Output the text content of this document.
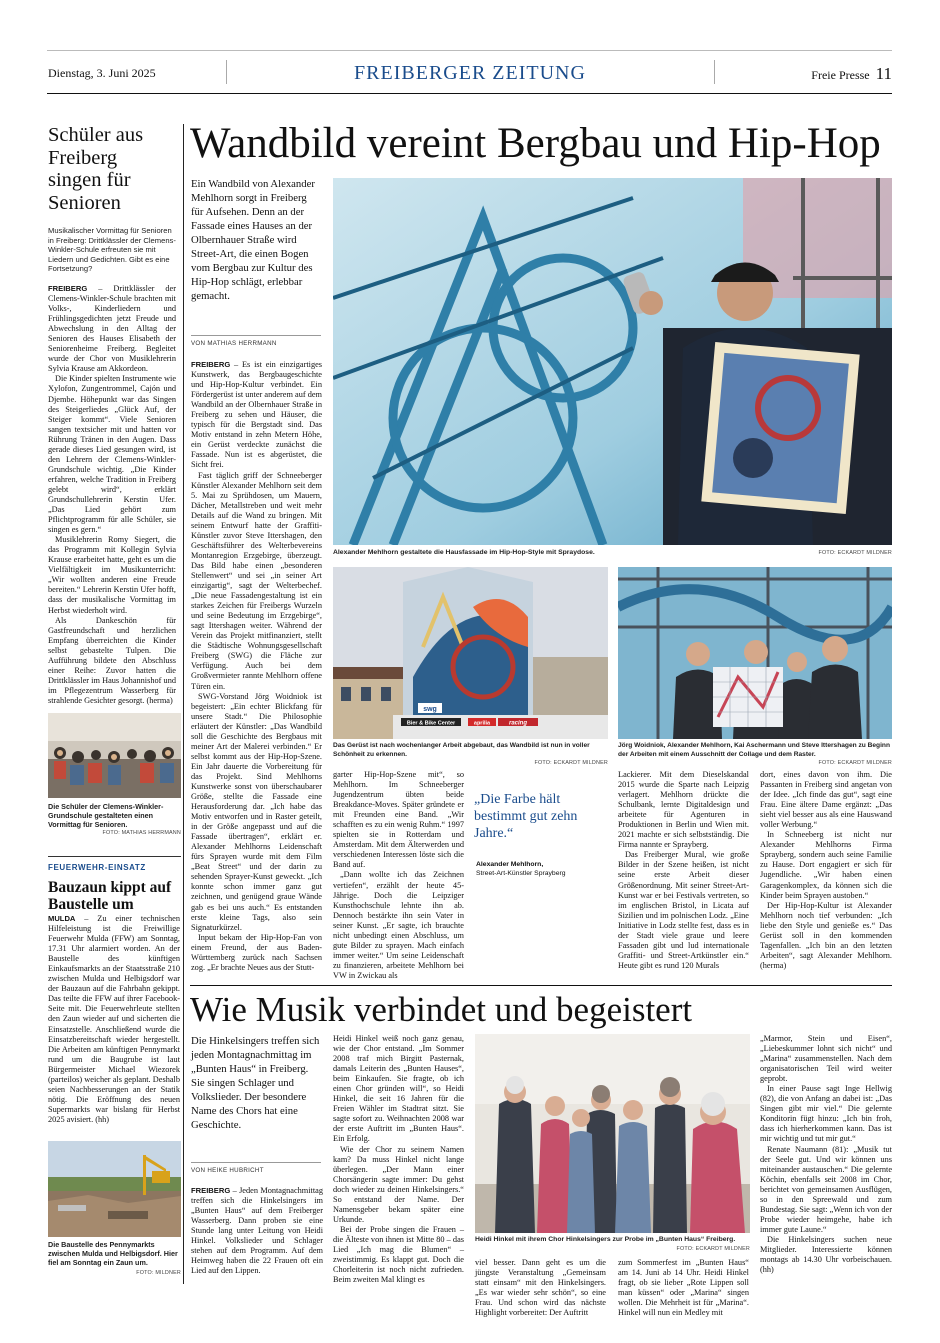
Dienstag, 3. Juni 2025	FREIBERGER ZEITUNG	Freie Presse 11
Schüler aus Freiberg singen für Senioren
Musikalischer Vormittag für Senioren in Freiberg: Drittklässler der Clemens-Winkler-Schule erfreuten sie mit Liedern und Gedichten. Gibt es eine Fortsetzung?

FREIBERG – Drittklässler der Clemens-Winkler-Schule brachten mit Volks-, Kinderliedern und Frühlingsgedichten jetzt Freude und Abwechslung in den Alltag der Senioren des Hauses Elisabeth der Seniorenheime Freiberg. Begleitet wurde der Chor von Musiklehrerin Sylvia Krause am Akkordeon.

Die Kinder spielten Instrumente wie Xylofon, Zungentrommel, Cajón und Djembe. Höhepunkt war das Singen des Steigerliedes „Glück Auf, der Steiger kommt“. Viele Senioren sangen textsicher mit und hatten vor Rührung Tränen in den Augen. Dass gerade dieses Lied gesungen wird, ist den Lehrern der Clemens-Winkler-Grundschule wichtig. „Die Kinder erfahren, welche Tradition in Freiberg gelebt wird“, erklärt Grundschullehrerin Kerstin Ufer. „Das Lied gehört zum Pflichtprogramm für alle Schüler, sie singen es gern.“

Musiklehrerin Romy Siegert, die das Programm mit Kollegin Sylvia Krause erarbeitet hatte, geht es um die Vielfältigkeit im Musikunterricht: „Wir wollten anderen eine Freude bereiten.“ Lehrerin Kerstin Ufer hofft, dass der musikalische Vormittag im Herbst wiederholt wird.

Als Dankeschön für Gastfreundschaft und herzlichen Empfang überreichten die Kinder selbst gebastelte Tulpen. Die Aufführung bildete den Abschluss einer Reihe: Zuvor hatten die Drittklässler im Haus Johannishof und im Pflegezentrum Wasserberg für strahlende Gesichter gesorgt. (herma)

Die Schüler der Clemens-Winkler-Grundschule gestalteten einen Vormittag für Senioren.
FOTO: MATHIAS HERRMANN
FEUERWEHR-EINSATZ
Bauzaun kippt auf Baustelle um

MULDA – Zu einer technischen Hilfeleistung ist die Freiwillige Feuerwehr Mulda (FFW) am Sonntag, 17.31 Uhr alarmiert worden. An der Baustelle des künftigen Einkaufsmarkts an der Staatsstraße 210 zwischen Mulda und Helbigsdorf war der Bauzaun auf die Fahrbahn gekippt. Das teilte die FFW auf ihrer Facebook-Seite mit. Die Feuerwehrleute stellten den Zaun wieder auf und sicherten die Einsatzstelle. Anschließend wurde die Einsatzbereitschaft wieder hergestellt. Die Arbeiten am künftigen Pennymarkt rund um die Baugrube ist laut Bürgermeister Michael Wiezorek (parteilos) weicher als geplant. Deshalb seien Nachbesserungen an der Statik nötig. Die Eröffnung des neuen Supermarkts war bislang für Herbst 2025 avisiert. (hh)

Die Baustelle des Pennymarkts zwischen Mulda und Helbigsdorf. Hier fiel am Sonntag ein Zaun um.
FOTO: MILDNER
Wandbild vereint Bergbau und Hip-Hop
Ein Wandbild von Alexander Mehlhorn sorgt in Freiberg für Aufsehen. Denn an der Fassade eines Hauses an der Olbernhauer Straße wird Street-Art, die einen Bogen vom Bergbau zur Kultur des Hip-Hop schlägt, erlebbar gemacht.
VON MATHIAS HERRMANN

FREIBERG – Es ist ein einzigartiges Kunstwerk, das Bergbaugeschichte und Hip-Hop-Kultur verbindet. Ein Fördergerüst ist unter anderem auf dem Wandbild an der Olbernhauer Straße in Freiberg zu sehen und Häuser, die typisch für die Bergstadt sind. Das Motiv entstand in zehn Metern Höhe, ein Gerüst verdeckte zunächst die Fassade. Nun ist es abgerüstet, die Sicht frei.

Fast täglich griff der Schneeberger Künstler Alexander Mehlhorn seit dem 5. Mai zu Sprühdosen, um Mauern, Dächer, Metallstreben und weit mehr Details auf die Wand zu bringen. Mit seinem Entwurf hatte der Graffiti-Künstler zuvor Steve Ittershagen, den Geschäftsführer des Welterbevereins Montanregion Erzgebirge, überzeugt. Das Bild habe einen „besonderen Stellenwert“ und sei „in seiner Art einzigartig“, sagt der Welterbechef. „Die neue Fassadengestaltung ist ein starkes Zeichen für Freibergs Wurzeln und seine Bedeutung im Erzgebirge“, sagt Ittershagen weiter. Während der Verein das Projekt mitfinanziert, stellt die Städtische Wohnungsgesellschaft Freiberg (SWG) die Fläche zur Verfügung. Auch bei dem Großvermieter rannte Mehlhorn offene Türen ein.

SWG-Vorstand Jörg Woidniok ist begeistert: „Ein echter Blickfang für unsere Stadt.“ Die Philosophie erläutert der Künstler: „Das Wandbild soll die Geschichte des Bergbaus mit meiner Art der Malerei verbinden.“ Er selbst kommt aus der Hip-Hop-Szene. Ein Jahr dauerte die Vorbereitung für das Projekt. Sind Mehlhorns Kunstwerke sonst von überschaubarer Größe, stellte die Fassade eine Herausforderung dar. „Ich habe das Motiv entworfen und in Raster geteilt, in der Größe angepasst und auf die Fassade übertragen“, erklärt er. Alexander Mehlhorns Leidenschaft fürs Sprayen wurde mit dem Film „Beat Street“ und der darin zu sehenden Sprayer-Kunst geweckt. „Ich konnte schon immer ganz gut zeichnen, und genügend graue Wände gab es bei uns auch.“ Es entstanden erste kleine Tags, also sein Signaturkürzel.

Input bekam der Hip-Hop-Fan von einem Freund, der aus Baden-Württemberg zurück nach Sachsen zog. „Er brachte Neues aus der Stutt-

Alexander Mehlhorn gestaltete die Hausfassade im Hip-Hop-Style mit Spraydose.	FOTO: ECKARDT MILDNER
Bier & Bike Center	aprilia	racing
swg
Das Gerüst ist nach wochenlanger Arbeit abgebaut, das Wandbild ist nun in voller Schönheit zu erkennen.
FOTO: ECKARDT MILDNER
Jörg Woidniok, Alexander Mehlhorn, Kai Aschermann und Steve Ittershagen zu Beginn der Arbeiten mit einem Ausschnitt der Collage und dem Raster.
FOTO: ECKARDT MILDNER

garter Hip-Hop-Szene mit“, so Mehlhorn. Im Schneeberger Jugendzentrum übten beide Breakdance-Moves. Später gründete er mit Freunden eine Band. „Wir schafften es zu ein wenig Ruhm.“ 1997 spielten sie in Rotterdam und Amsterdam. Mit dem Älterwerden und verschiedenen Interessen löste sich die Band auf.

„Dann wollte ich das Zeichnen vertiefen“, erzählt der heute 45-Jährige. Doch die Leipziger Kunsthochschule lehnte ihn ab. Dennoch bestärkte ihn sein Vater in seiner Kunst. „Er sagte, ich brauchte nicht unbedingt einen Abschluss, um gute Bilder zu sprayen. Mach einfach immer weiter.“ Um seine Leidenschaft zu finanzieren, arbeitete Mehlhorn bei VW in Zwickau als

„Die Farbe hält bestimmt gut zehn Jahre.“
Alexander Mehlhorn,
Street-Art-Künstler Sprayberg

Lackierer. Mit dem Dieselskandal 2015 wurde die Sparte nach Leipzig verlagert. Mehlhorn drückte die Schulbank, lernte Digitaldesign und arbeitete für Agenturen in Produktionen in Berlin und Wien mit. 2021 machte er sich selbstständig. Die Firma nannte er Sprayberg.

Das Freiberger Mural, wie große Bilder in der Szene heißen, ist nicht seine erste Arbeit dieser Größenordnung. Mit seiner Street-Art-Kunst war er bei Festivals vertreten, so im englischen Bristol, in Licata auf Sizilien und im polnischen Lodz. „Eine Initiative in Lodz stellte fest, dass es in der Stadt viele graue und leere Fassaden gibt und lud internationale Graffiti- und Street-Artkünstler ein.“ Heute gibt es rund 120 Murals

dort, eines davon von ihm. Die Passanten in Freiberg sind angetan von der Idee. „Ich finde das gut“, sagt eine Frau. Eine ältere Dame ergänzt: „Das sieht viel besser aus als eine Hauswand voller Werbung.“

In Schneeberg ist nicht nur Alexander Mehlhorns Firma Sprayberg, sondern auch seine Familie zu Hause. Dort engagiert er sich für Jugendliche. „Wir haben einen Garagenkomplex, da können sich die Kinder beim Sprayen austoben.“

Der Hip-Hop-Kultur ist Alexander Mehlhorn noch tief verbunden: „Ich liebe den Style und genieße es.“ Das Gerüst soll in den kommenden Tagenfallen. „Ich bin an den letzten Arbeiten“, sagt Alexander Mehlhorn. (herma)

Wie Musik verbindet und begeistert
Die Hinkelsingers treffen sich jeden Montagnachmittag im „Bunten Haus“ in Freiberg. Sie singen Schlager und Volkslieder. Der besondere Name des Chors hat eine Geschichte.
VON HEIKE HUBRICHT

FREIBERG – Jeden Montagnachmittag treffen sich die Hinkelsingers im „Bunten Haus“ auf dem Freiberger Wasserberg. Dann proben sie eine Stunde lang unter Leitung von Heidi Hinkel. Volkslieder und Schlager stehen auf dem Programm. Auf dem Heimweg haben die 22 Frauen oft ein Lied auf den Lippen.

Heidi Hinkel weiß noch ganz genau, wie der Chor entstand. „Im Sommer 2008 traf mich Birgitt Pasternak, damals Leiterin des „Bunten Hauses“, beim Einkaufen. Sie fragte, ob ich einen Chor gründen will“, so Heidi Hinkel, die seit 16 Jahren für die Freien Wähler im Stadtrat sitzt. Sie sagte sofort zu. Weihnachten 2008 war der erste Auftritt im „Bunten Haus“. Ein Erfolg.

Wie der Chor zu seinem Namen kam? Da muss Hinkel nicht lange überlegen. „Der Mann einer Chorsängerin sagte immer: Du gehst doch wieder zu deinen Hinkelsingers.“ So entstand der Name. Der Namensgeber bekam später eine Urkunde.

Bei der Probe singen die Frauen – die Älteste von ihnen ist Mitte 80 – das Lied „Ich mag die Blumen“ – zweistimmig. Es klappt gut. Doch die Chorleiterin ist noch nicht zufrieden. Beim zweiten Mal klingt es

Heidi Hinkel mit ihrem Chor Hinkelsingers zur Probe im „Bunten Haus“ Freiberg.
FOTO: ECKARDT MILDNER

viel besser. Dann geht es um die jüngste Veranstaltung „Gemeinsam statt einsam“ mit den Hinkelsingers. „Es war wieder sehr schön“, so eine Frau. Und schon wird das nächste Highlight vorbereitet: Der Auftritt

zum Sommerfest im „Bunten Haus“ am 14. Juni ab 14 Uhr. Heidi Hinkel fragt, ob sie lieber „Rote Lippen soll man küssen“ oder „Marina“ singen wollen. Die Mehrheit ist für „Marina“. Hinkel will nun ein Medley mit

„Marmor, Stein und Eisen“, „Liebeskummer lohnt sich nicht“ und „Marina“ zusammenstellen. Nach dem organisatorischen Teil wird weiter geprobt.

In einer Pause sagt Inge Hellwig (82), die von Anfang an dabei ist: „Das Singen gibt mir viel.“ Die gelernte Konditorin fügt hinzu: „Ich bin froh, dass ich hierherkommen kann. Das ist mir wichtig und tut mir gut.“

Renate Naumann (81): „Musik tut der Seele gut. Und wir können uns miteinander austauschen.“ Die gelernte Köchin, ebenfalls seit 2008 im Chor, berichtet von gemeinsamen Ausflügen, so in den Spreewald und zum Bundestag. Sie sagt: „Wenn ich von der Probe wieder heimgehe, habe ich immer gute Laune.“

Die Hinkelsingers suchen neue Mitglieder. Interessierte können montags ab 14.30 Uhr vorbeischauen. (hh)
